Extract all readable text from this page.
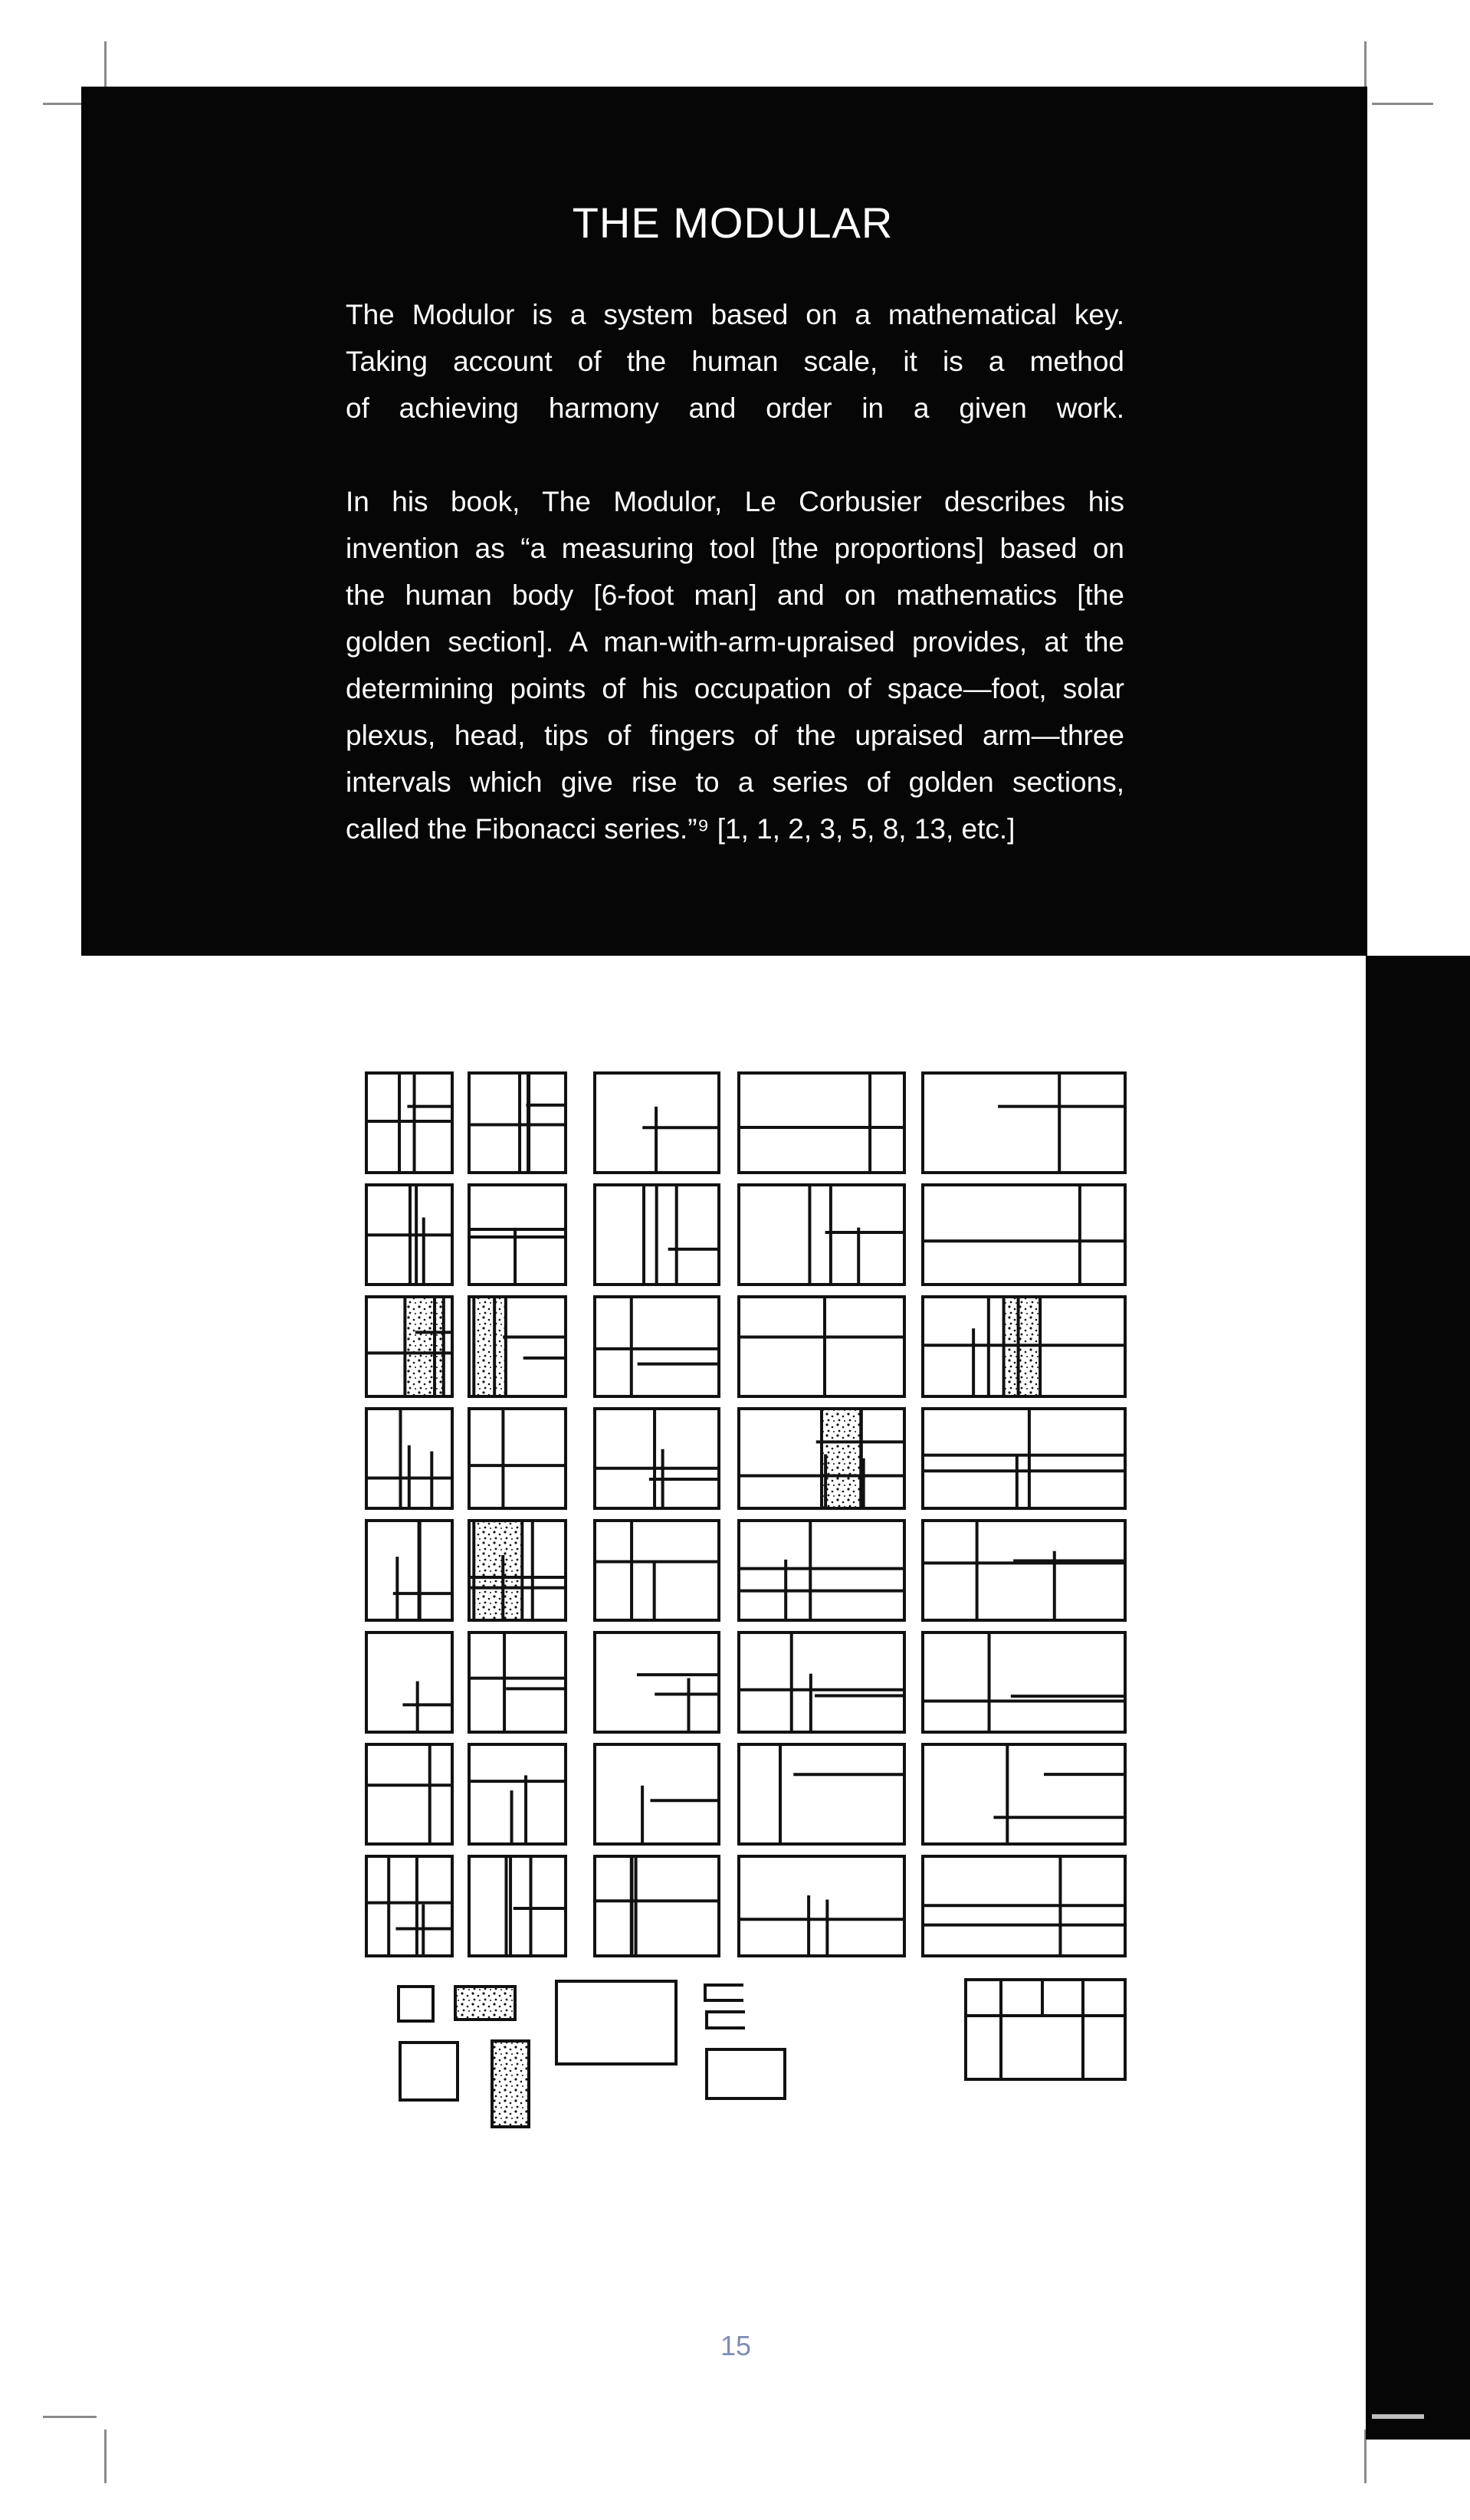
THE MODULAR

The Modulor is a system based on a mathematical key.

Taking account of the human scale, it is a method

of achieving harmony and order in a given work.

In his book, The Modulor, Le Corbusier describes his

invention as “a measuring tool [the proportions] based on

the human body [6-foot man] and on mathematics [the

golden section]. A man-with-arm-upraised provides, at the

determining points of his occupation of space—foot, solar

plexus, head, tips of fingers of the upraised arm—three

intervals which give rise to a series of golden sections,

called the Fibonacci series.”⁹ [1, 1, 2, 3, 5, 8, 13, etc.]

15
